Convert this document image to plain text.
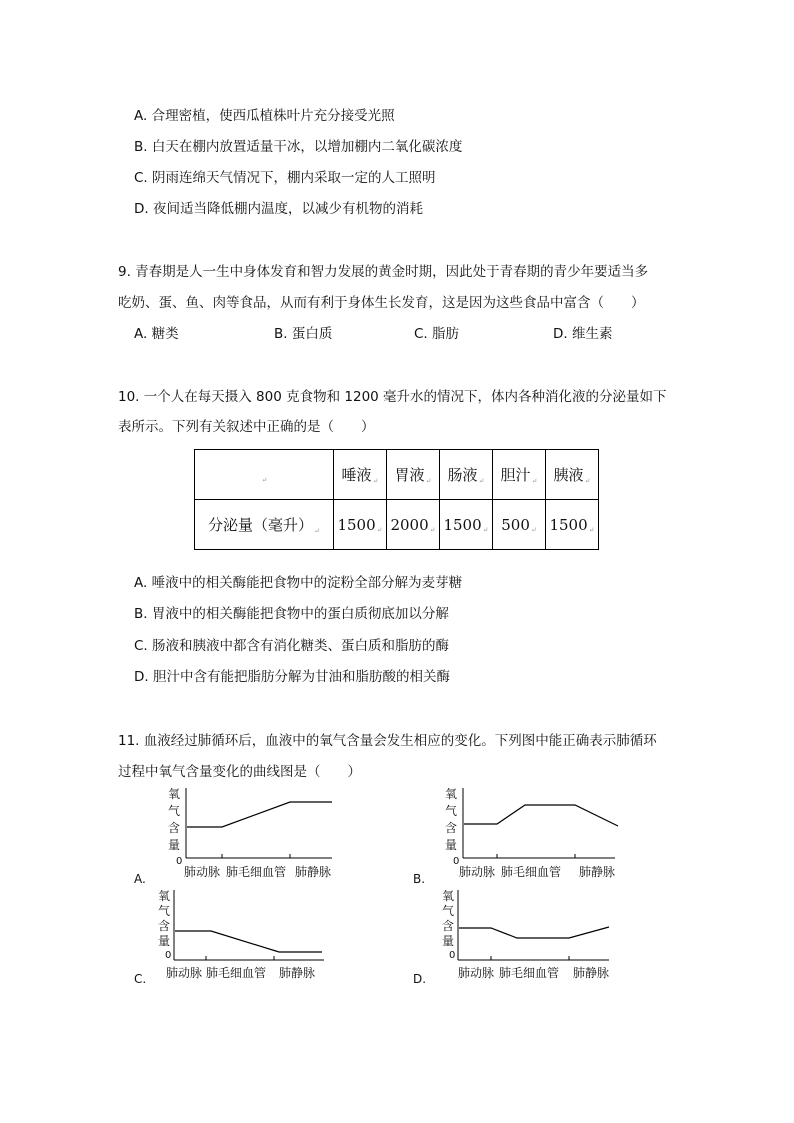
A. 合理密植，使西瓜植株叶片充分接受光照
B. 白天在棚内放置适量干冰，以增加棚内二氧化碳浓度
C. 阴雨连绵天气情况下，棚内采取一定的人工照明
D. 夜间适当降低棚内温度，以减少有机物的消耗
9. 青春期是人一生中身体发育和智力发展的黄金时期，因此处于青春期的青少年要适当多
吃奶、蛋、鱼、肉等食品，从而有利于身体生长发育，这是因为这些食品中富含（　　）
A. 糖类	B. 蛋白质	C. 脂肪	D. 维生素
10. 一个人在每天摄入 800 克食物和 1200 毫升水的情况下，体内各种消化液的分泌量如下
表所示。下列有关叙述中正确的是（　　）
↵	唾液↵	胃液↵	肠液↵	胆汁↵	胰液↵
分泌量（毫升）↵	1500↵	2000↵	1500↵	500↵	1500↵
A. 唾液中的相关酶能把食物中的淀粉全部分解为麦芽糖
B. 胃液中的相关酶能把食物中的蛋白质彻底加以分解
C. 肠液和胰液中都含有消化糖类、蛋白质和脂肪的酶
D. 胆汁中含有能把脂肪分解为甘油和脂肪酸的相关酶
11. 血液经过肺循环后，血液中的氧气含量会发生相应的变化。下列图中能正确表示肺循环
过程中氧气含量变化的曲线图是（　　）
A.
氧
气
含
量
0
肺动脉 肺毛细血管 肺静脉	B.
氧
气
含
量
0
肺动脉 肺毛细血管 肺静脉
C.
氧
气
含
量
0
肺动脉 肺毛细血管 肺静脉	D.
氧
气
含
量
0
肺动脉 肺毛细血管 肺静脉
